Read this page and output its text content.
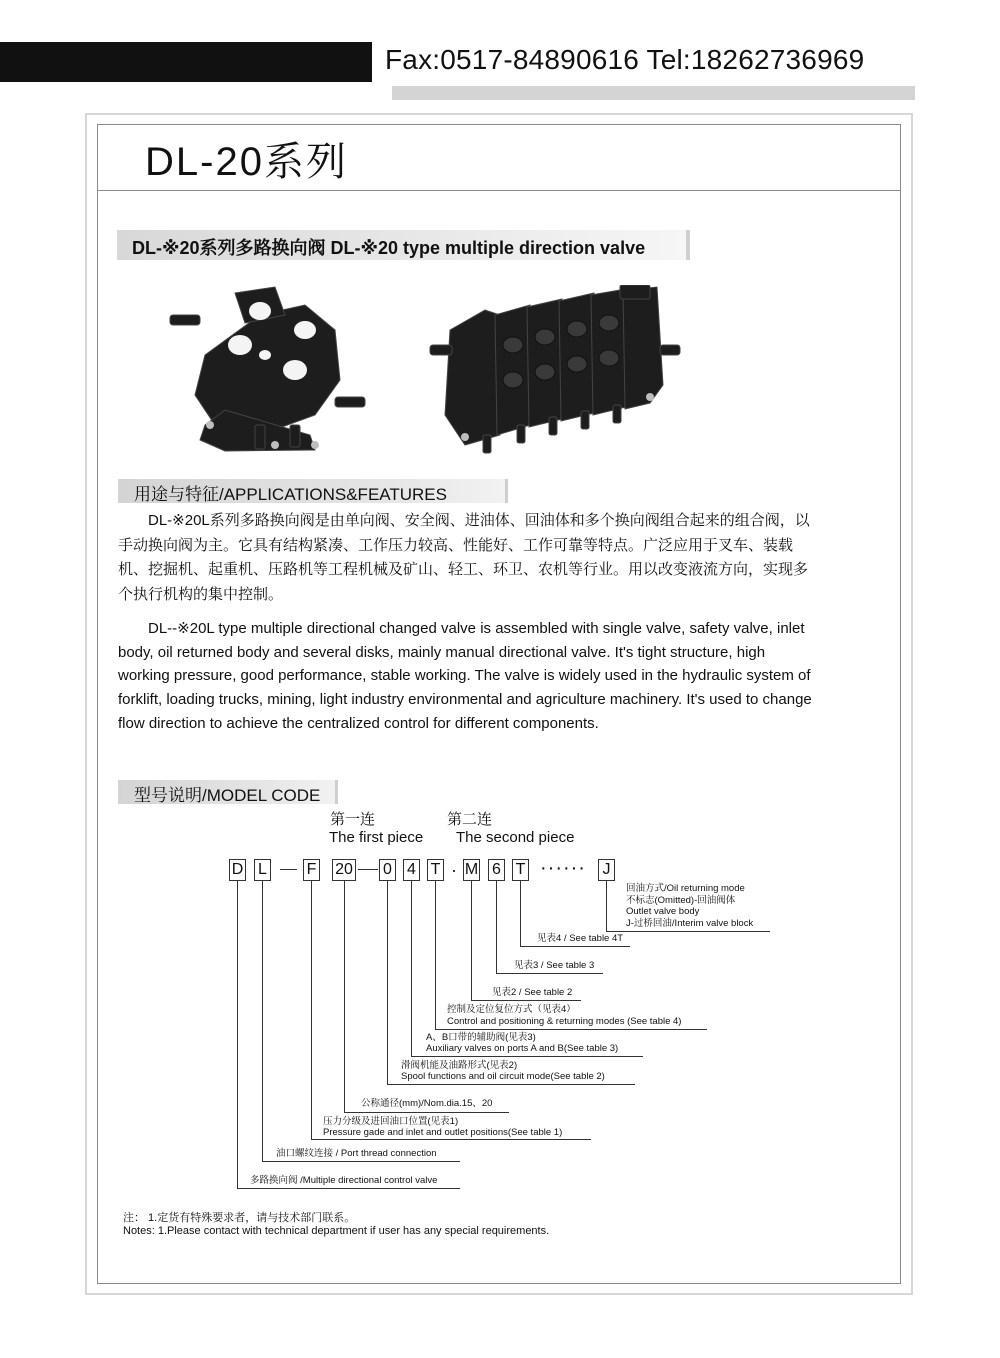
Fax:0517-84890616 Tel:18262736969
DL-20系列
DL-※20系列多路换向阀 DL-※20 type multiple direction valve
用途与特征/APPLICATIONS&FEATURES
DL-※20L系列多路换向阀是由单向阀、安全阀、进油体、回油体和多个换向阀组合起来的组合阀，以手动换向阀为主。它具有结构紧凑、工作压力较高、性能好、工作可靠等特点。广泛应用于叉车、装载机、挖掘机、起重机、压路机等工程机械及矿山、轻工、环卫、农机等行业。用以改变液流方向，实现多个执行机构的集中控制。
DL--※20L type multiple directional changed valve is assembled with single valve, safety valve, inlet body, oil returned body and several disks, mainly manual directional valve. It's tight structure, high working pressure, good performance, stable working. The valve is widely used in the hydraulic system of forklift, loading trucks, mining, light industry environmental and agriculture machinery. It's used to change flow direction to achieve the centralized control for different components.
型号说明/MODEL CODE
第一连
The first piece
第二连
The second piece
D L F 20 0 4 T · M 6 T ······ J
回油方式/Oil returning mode
不标志(Omitted)-回油阀体
Outlet valve body
J-过桥回油/Interim valve block
见表4 / See table 4T
见表3 / See table 3
见表2 / See table 2
控制及定位复位方式（见表4）
Control and positioning & returning modes (See table 4)
A、B口带的辅助阀(见表3)
Auxiliary valves on ports A and B(See table 3)
滑阀机能及油路形式(见表2)
Spool functions and oil circuit mode(See table 2)
公称通径(mm)/Nom.dia.15、20
压力分级及进回油口位置(见表1)
Pressure gade and inlet and outlet positions(See table 1)
油口螺纹连接 / Port thread connection
多路换向阀 /Multiple directional control valve
注： 1.定货有特殊要求者，请与技术部门联系。
Notes: 1.Please contact with technical department if user has any special requirements.
